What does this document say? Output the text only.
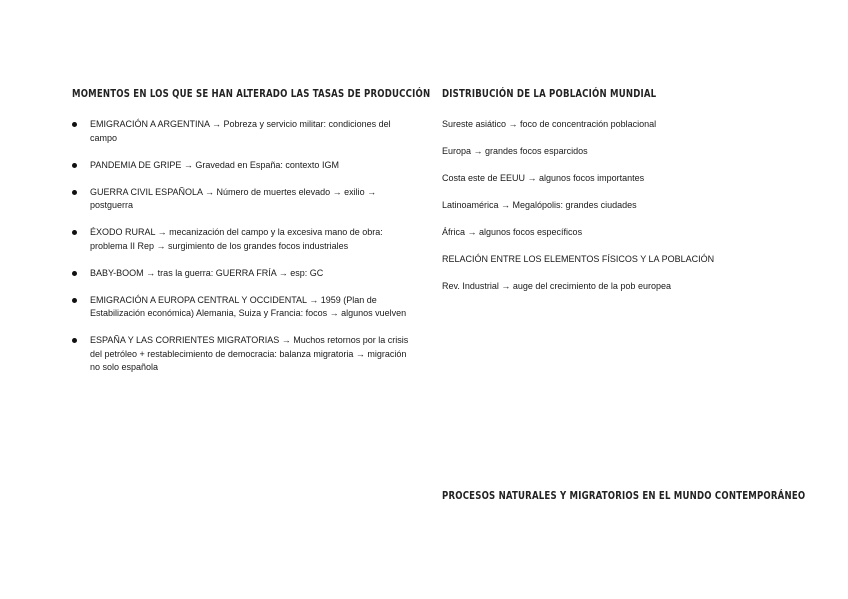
MOMENTOS EN LOS QUE SE HAN ALTERADO LAS TASAS DE PRODUCCIÓN DISTRIBUCIÓN DE LA POBLACIÓN MUNDIAL
PROCESOS NATURALES Y MIGRATORIOS EN EL MUNDO CONTEMPORÁNEO
EMIGRACIÓN A ARGENTINA → Pobreza y servicio militar: condiciones del campo
PANDEMIA DE GRIPE → Gravedad en España: contexto IGM
GUERRA CIVIL ESPAÑOLA → Número de muertes elevado → exilio → postguerra
ÉXODO RURAL → mecanización del campo y la excesiva mano de obra: problema II Rep → surgimiento de los grandes focos industriales
BABY-BOOM → tras la guerra: GUERRA FRÍA → esp: GC
EMIGRACIÓN A EUROPA CENTRAL Y OCCIDENTAL → 1959 (Plan de Estabilización económica) Alemania, Suiza y Francia: focos → algunos vuelven
ESPAÑA Y LAS CORRIENTES MIGRATORIAS → Muchos retornos por la crisis del petróleo + restablecimiento de democracia: balanza migratoria → migración no solo española

Sureste asiático → foco de concentración poblacional

Europa → grandes focos esparcidos

Costa este de EEUU → algunos focos importantes

Latinoamérica → Megalópolis: grandes ciudades

África → algunos focos específicos

RELACIÓN ENTRE LOS ELEMENTOS FÍSICOS Y LA POBLACIÓN

Rev. Industrial → auge del crecimiento de la pob europea
